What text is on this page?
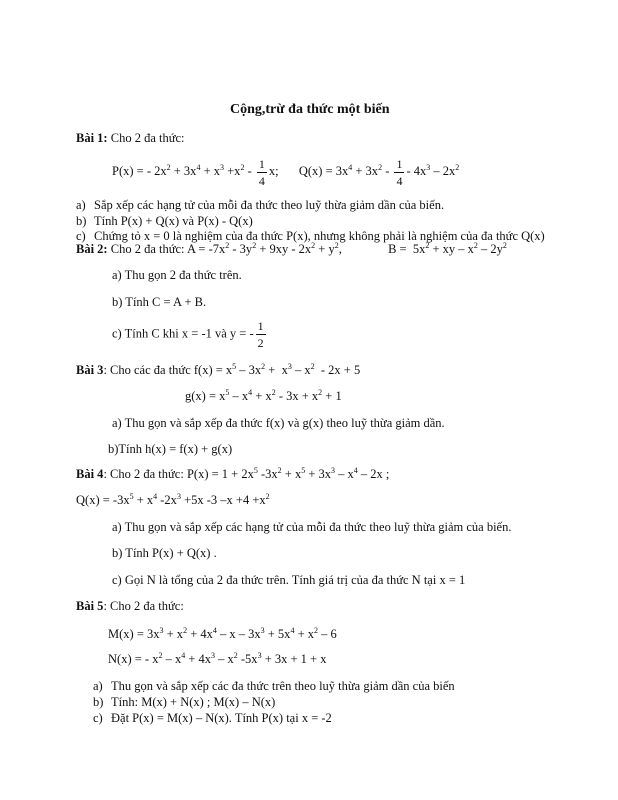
Cộng,trừ đa thức một biến
Bài 1: Cho 2 đa thức:
P(x) = - $2x^2 + 3x^4 + x^3 +x^2 - \frac{1}{4} x$; $Q(x) = 3x^4 + 3x^2 - \frac{1}{4} - 4x^3 - 2x^2$
a) Sắp xếp các hạng tử của mỗi đa thức theo luỹ thừa giảm dần của biến.
b) Tính P(x) + Q(x) và P(x) - Q(x)
c) Chứng tỏ x = 0 là nghiệm của đa thức P(x), nhưng không phải là nghiệm của đa thức Q(x)
Bài 2: Cho 2 đa thức: $A = -7x^2 - 3y^2 + 9xy - 2x^2 + y^2$,	$B = 5x^2$ + xy – $x^2 - 2y^2$
a) Thu gọn 2 đa thức trên.
b) Tính C = A + B.
c) Tính C khi x = -1 và y = - $\frac{1}{2}$
Bài 3: Cho các đa thức $f(x) = x^5 - 3x^2 + x^3 - x^2 - 2x + 5$
$g(x) = x^5 - x^4 + x^2 - 3x + x^2 + 1$
a) Thu gọn và sắp xếp đa thức f(x) và g(x) theo luỹ thừa giảm dần.
b)Tính h(x) = f(x) + g(x)
Bài 4: Cho 2 đa thức: $P(x) = 1 + 2x^5$ $-3x^2 + x^5 + 3x^3 - x^4 - 2x$ ;
$Q(x) = -3x^5 + x^4$ $-2x^3 +5x$ -3 $-x +4 +x^2$
a) Thu gọn và sắp xếp các hạng tử của mỗi đa thức theo luỹ thừa giảm của biến.
b) Tính P(x) + Q(x) .
c) Gọi N là tổng của 2 đa thức trên. Tính giá trị của đa thức N tại x = 1
Bài 5: Cho 2 đa thức:
$M(x) = 3x^3 + x^2 + 4x^4 - x - 3x^3 + 5x^4 + x^2 - 6$
N(x) = - $x^2 - x^4 + 4x^3 - x^2$ $-5x^3 + 3x + 1 + x$
a) Thu gọn và sắp xếp các đa thức trên theo luỹ thừa giảm dần của biến
b) Tính: M(x) + N(x) ; M(x) – N(x)
c) Đặt P(x) = M(x) – N(x). Tính P(x) tại x = -2
